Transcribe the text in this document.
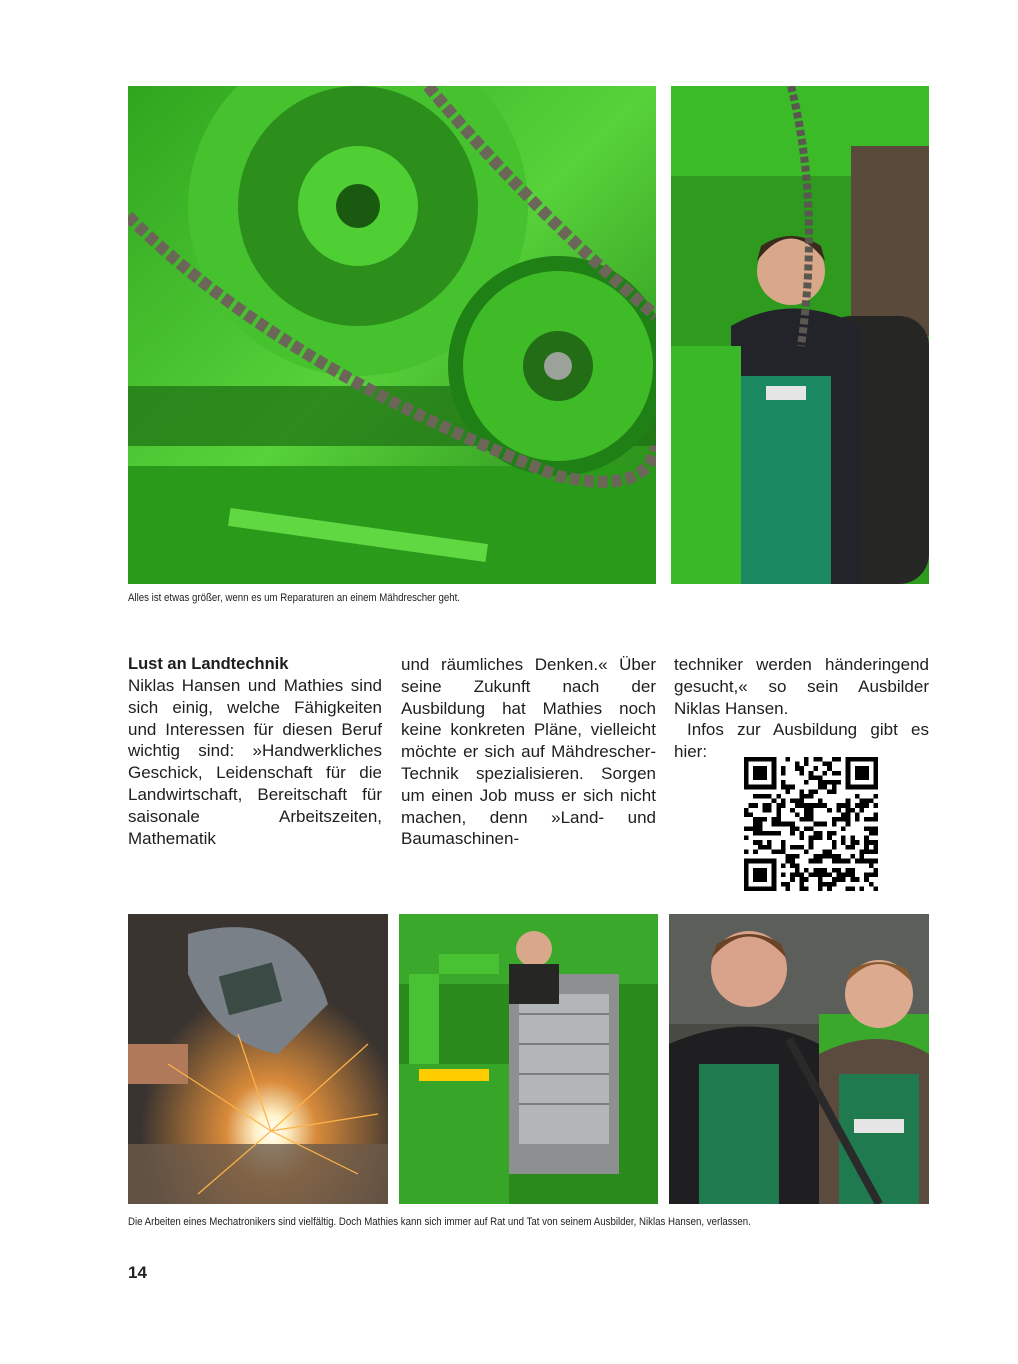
Alles ist etwas größer, wenn es um Reparaturen an einem Mähdrescher geht.

Lust an Landtechnik

Niklas Hansen und Mathies sind sich einig, welche Fähigkeiten und Interessen für diesen Beruf wichtig sind: »Handwerkliches Geschick, Leidenschaft für die Landwirtschaft, Bereitschaft für saisonale Arbeitszeiten, Mathematik

und räumliches Denken.« Über seine Zukunft nach der Ausbildung hat Mathies noch keine konkreten Pläne, vielleicht möchte er sich auf Mähdrescher-Technik spezialisieren. Sorgen um einen Job muss er sich nicht machen, denn »Land- und Baumaschinen-

techniker werden händeringend gesucht,« so sein Ausbilder Niklas Hansen.

Infos zur Ausbildung gibt es hier:

Die Arbeiten eines Mechatronikers sind vielfältig. Doch Mathies kann sich immer auf Rat und Tat von seinem Ausbilder, Niklas Hansen, verlassen.
14
